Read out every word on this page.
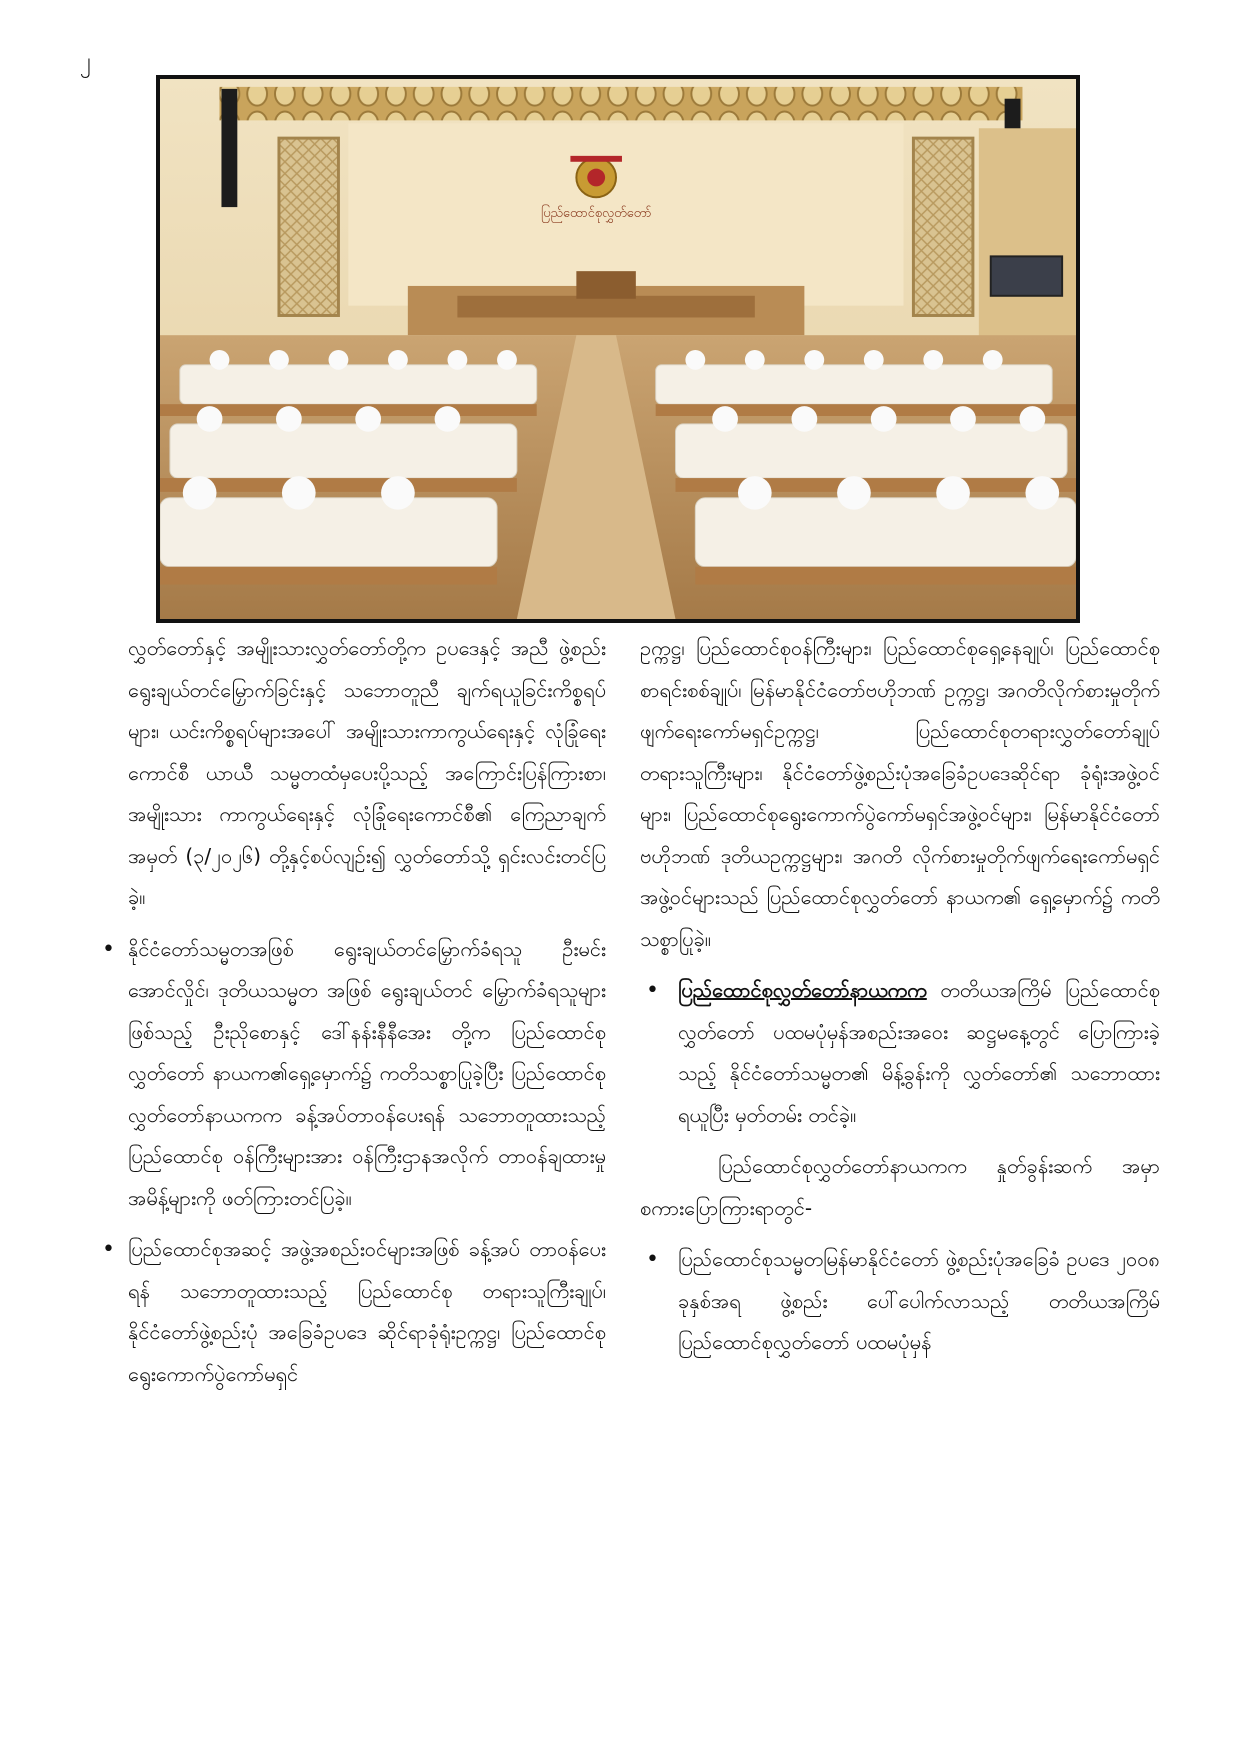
၂
ပြည်ထောင်စုလွှတ်တော်

လွှတ်တော်နှင့် အမျိုးသားလွှတ်တော်တို့က ဥပဒေနှင့် အညီ ဖွဲ့စည်းရွေးချယ်တင်မြှောက်ခြင်းနှင့် သဘောတူညီ ချက်ရယူခြင်းကိစ္စရပ်များ၊ ယင်းကိစ္စရပ်များအပေါ် အမျိုးသားကာကွယ်ရေးနှင့် လုံခြုံရေးကောင်စီ ယာယီ သမ္မတထံမှပေးပို့သည့် အကြောင်းပြန်ကြားစာ၊ အမျိုးသား ကာကွယ်ရေးနှင့် လုံခြုံရေးကောင်စီ၏ ကြေညာချက် အမှတ် (၃/၂၀၂၆) တို့နှင့်စပ်လျဉ်း၍ လွှတ်တော်သို့ ရှင်းလင်းတင်ပြခဲ့။

• နိုင်ငံတော်သမ္မတအဖြစ် ရွေးချယ်တင်မြှောက်ခံရသူ ဦးမင်းအောင်လှိုင်၊ ဒုတိယသမ္မတ အဖြစ် ရွေးချယ်တင် မြှောက်ခံရသူများဖြစ်သည့် ဦးညိုစောနှင့် ဒေါ်နန်းနီနီအေး တို့က ပြည်ထောင်စုလွှတ်တော် နာယက၏ရှေ့မှောက်၌ ကတိသစ္စာပြုခဲ့ပြီး ပြည်ထောင်စုလွှတ်တော်နာယကက ခန့်အပ်တာဝန်ပေးရန် သဘောတူထားသည့် ပြည်ထောင်စု ဝန်ကြီးများအား ဝန်ကြီးဌာနအလိုက် တာဝန်ချထားမှု အမိန့်များကို ဖတ်ကြားတင်ပြခဲ့။
• ပြည်ထောင်စုအဆင့် အဖွဲ့အစည်းဝင်များအဖြစ် ခန့်အပ် တာဝန်ပေးရန် သဘောတူထားသည့် ပြည်ထောင်စု တရားသူကြီးချုပ်၊ နိုင်ငံတော်ဖွဲ့စည်းပုံ အခြေခံဥပဒေ ဆိုင်ရာခုံရုံးဥက္ကဋ္ဌ၊ ပြည်ထောင်စုရွေးကောက်ပွဲကော်မရှင်

ဥက္ကဋ္ဌ၊ ပြည်ထောင်စုဝန်ကြီးများ၊ ပြည်ထောင်စုရှေ့နေချုပ်၊ ပြည်ထောင်စုစာရင်းစစ်ချုပ်၊ မြန်မာနိုင်ငံတော်ဗဟိုဘဏ် ဥက္ကဋ္ဌ၊ အဂတိလိုက်စားမှုတိုက်ဖျက်ရေးကော်မရှင်ဥက္ကဋ္ဌ၊ ပြည်ထောင်စုတရားလွှတ်တော်ချုပ် တရားသူကြီးများ၊ နိုင်ငံတော်ဖွဲ့စည်းပုံအခြေခံဥပဒေဆိုင်ရာ ခုံရုံးအဖွဲ့ဝင် များ၊ ပြည်ထောင်စုရွေးကောက်ပွဲကော်မရှင်အဖွဲ့ဝင်များ၊ မြန်မာနိုင်ငံတော်ဗဟိုဘဏ် ဒုတိယဥက္ကဋ္ဌများ၊ အဂတိ လိုက်စားမှုတိုက်ဖျက်ရေးကော်မရှင် အဖွဲ့ဝင်များသည် ပြည်ထောင်စုလွှတ်တော် နာယက၏ ရှေ့မှောက်၌ ကတိ သစ္စာပြုခဲ့။

• ပြည်ထောင်စုလွှတ်တော်နာယကက တတိယအကြိမ် ပြည်ထောင်စုလွှတ်တော် ပထမပုံမှန်အစည်းအဝေး ဆဋ္ဌမနေ့တွင် ပြောကြားခဲ့သည့် နိုင်ငံတော်သမ္မတ၏ မိန့်ခွန်းကို လွှတ်တော်၏ သဘောထားရယူပြီး မှတ်တမ်း တင်ခဲ့။

ပြည်ထောင်စုလွှတ်တော်နာယကက နှုတ်ခွန်းဆက် အမှာစကားပြောကြားရာတွင်-

• ပြည်ထောင်စုသမ္မတမြန်မာနိုင်ငံတော် ဖွဲ့စည်းပုံအခြေခံ ဥပဒေ ၂၀၀၈ ခုနှစ်အရ ဖွဲ့စည်း ပေါ်ပေါက်လာသည့် တတိယအကြိမ် ပြည်ထောင်စုလွှတ်တော် ပထမပုံမှန်
